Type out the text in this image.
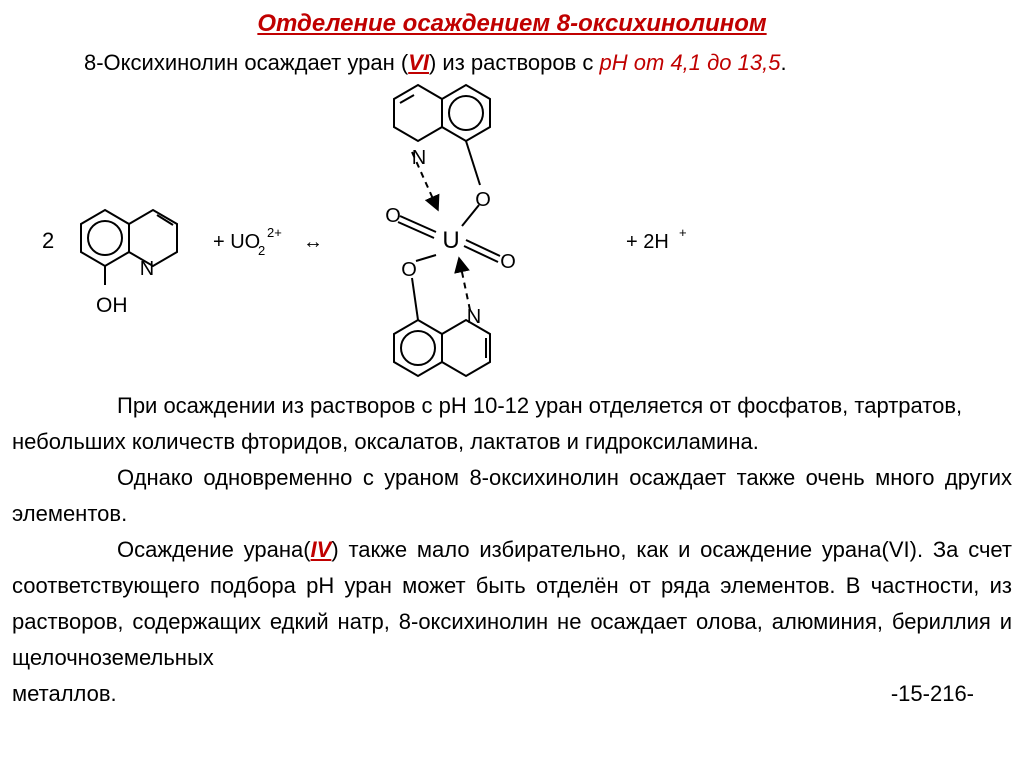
Отделение осаждением 8-оксихинолином
8-Оксихинолин осаждает уран (VI) из растворов с pH от 4,1 до 13,5.
2
OH
N
+ UO
2
2+ ↔
N
O
O
U
O
O
N
+ 2H +

При осаждении из растворов с pH 10-12 уран отделяется от фосфатов, тартратов, небольших количеств фторидов, оксалатов, лактатов и гидроксиламина.

Однако одновременно с ураном 8-оксихинолин осаждает также очень много других элементов.

Осаждение урана(IV) также мало избирательно, как и осаждение урана(VI). За счет соответствующего подбора pH уран может быть отделён от ряда элементов. В частности, из растворов, содержащих едкий натр, 8-оксихинолин не осаждает олова, алюминия, бериллия и щелочноземельных

металлов.	-15-216-
